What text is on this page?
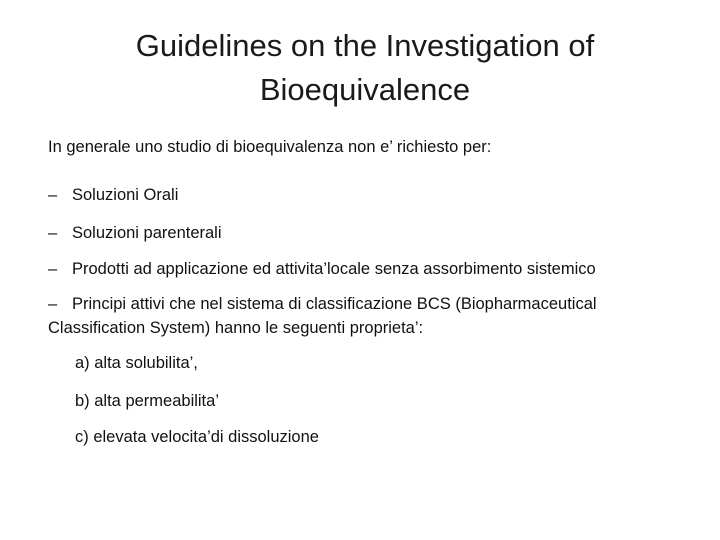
Guidelines on the Investigation of
Bioequivalence
In generale uno studio di bioequivalenza non e’ richiesto per:
– Soluzioni Orali
– Soluzioni parenterali
– Prodotti ad applicazione ed attivita’locale senza assorbimento sistemico
– Principi attivi che nel sistema di classificazione BCS (Biopharmaceutical Classification System) hanno le seguenti proprieta’:
a) alta solubilita’,
b) alta permeabilita’
c) elevata velocita’di dissoluzione
